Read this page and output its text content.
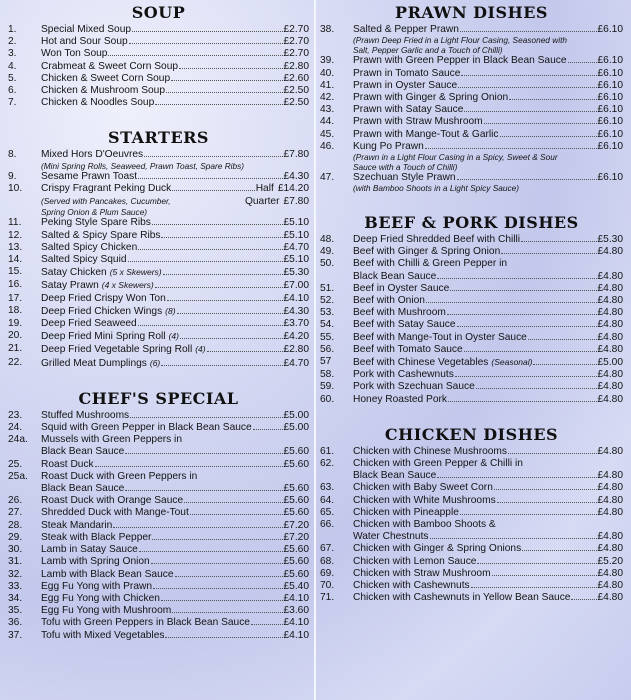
SOUP
1.	Special Mixed Soup	£2.70
2.	Hot and Sour Soup	£2.70
3.	Won Ton Soup	£2.70
4.	Crabmeat & Sweet Corn Soup	£2.80
5.	Chicken & Sweet Corn Soup	£2.60
6.	Chicken & Mushroom Soup	£2.50
7.	Chicken & Noodles Soup	£2.50
STARTERS
8.	Mixed Hors D'Oeuvres	£7.80
(Mini Spring Rolls, Seaweed, Prawn Toast, Spare Ribs)
9.	Sesame Prawn Toast	£4.30
10.	Crispy Fragrant Peking Duck	Half £14.20
(Served with Pancakes, Cucumber,	Quarter £7.80
Spring Onion & Plum Sauce)
11.	Peking Style Spare Ribs	£5.10
12.	Salted & Spicy Spare Ribs	£5.10
13.	Salted Spicy Chicken	£4.70
14.	Salted Spicy Squid	£5.10
15.	Satay Chicken (5 x Skewers)	£5.30
16.	Satay Prawn (4 x Skewers)	£7.00
17.	Deep Fried Crispy Won Ton	£4.10
18.	Deep Fried Chicken Wings (8)	£4.30
19.	Deep Fried Seaweed	£3.70
20.	Deep Fried Mini Spring Roll (4)	£4.20
21.	Deep Fried Vegetable Spring Roll (4)	£2.80
22.	Grilled Meat Dumplings (6)	£4.70
CHEF'S SPECIAL
23.	Stuffed Mushrooms	£5.00
24.	Squid with Green Pepper in Black Bean Sauce	£5.00
24a.	Mussels with Green Peppers in
Black Bean Sauce	£5.60
25.	Roast Duck	£5.60
25a.	Roast Duck with Green Peppers in
Black Bean Sauce	£5.60
26.	Roast Duck with Orange Sauce	£5.60
27.	Shredded Duck with Mange-Tout	£5.60
28.	Steak Mandarin	£7.20
29.	Steak with Black Pepper	£7.20
30.	Lamb in Satay Sauce	£5.60
31.	Lamb with Spring Onion	£5.60
32.	Lamb with Black Bean Sauce	£5.60
33.	Egg Fu Yong with Prawn	£5.40
34.	Egg Fu Yong with Chicken	£4.10
35.	Egg Fu Yong with Mushroom	£3.60
36.	Tofu with Green Peppers in Black Bean Sauce	£4.10
37.	Tofu with Mixed Vegetables	£4.10
PRAWN DISHES
38.	Salted & Pepper Prawn	£6.10
(Prawn Deep Fried in a Light Flour Casing, Seasoned with
Salt, Pepper Garlic and a Touch of Chilli)
39.	Prawn with Green Pepper in Black Bean Sauce	£6.10
40.	Prawn in Tomato Sauce	£6.10
41.	Prawn in Oyster Sauce	£6.10
42.	Prawn with Ginger & Spring Onion	£6.10
43.	Prawn with Satay Sauce	£6.10
44.	Prawn with Straw Mushroom	£6.10
45.	Prawn with Mange-Tout & Garlic	£6.10
46.	Kung Po Prawn	£6.10
(Prawn in a Light Flour Casing in a Spicy, Sweet & Sour
Sauce with a Touch of Chilli)
47.	Szechuan Style Prawn	£6.10
(with Bamboo Shoots in a Light Spicy Sauce)
BEEF & PORK DISHES
48.	Deep Fried Shredded Beef with Chilli	£5.30
49.	Beef with Ginger & Spring Onion	£4.80
50.	Beef with Chilli & Green Pepper in
Black Bean Sauce	£4.80
51.	Beef in Oyster Sauce	£4.80
52.	Beef with Onion	£4.80
53.	Beef with Mushroom	£4.80
54.	Beef with Satay Sauce	£4.80
55.	Beef with Mange-Tout in Oyster Sauce	£4.80
56.	Beef with Tomato Sauce	£4.80
57	Beef with Chinese Vegetables (Seasonal)	£5.00
58.	Pork with Cashewnuts	£4.80
59.	Pork with Szechuan Sauce	£4.80
60.	Honey Roasted Pork	£4.80
CHICKEN DISHES
61.	Chicken with Chinese Mushrooms	£4.80
62.	Chicken with Green Pepper & Chilli in
Black Bean Sauce	£4.80
63.	Chicken with Baby Sweet Corn	£4.80
64.	Chicken with White Mushrooms	£4.80
65.	Chicken with Pineapple	£4.80
66.	Chicken with Bamboo Shoots &
Water Chestnuts	£4.80
67.	Chicken with Ginger & Spring Onions	£4.80
68.	Chicken with Lemon Sauce	£5.20
69.	Chicken with Straw Mushroom	£4.80
70.	Chicken with Cashewnuts	£4.80
71.	Chicken with Cashewnuts in Yellow Bean Sauce	£4.80
